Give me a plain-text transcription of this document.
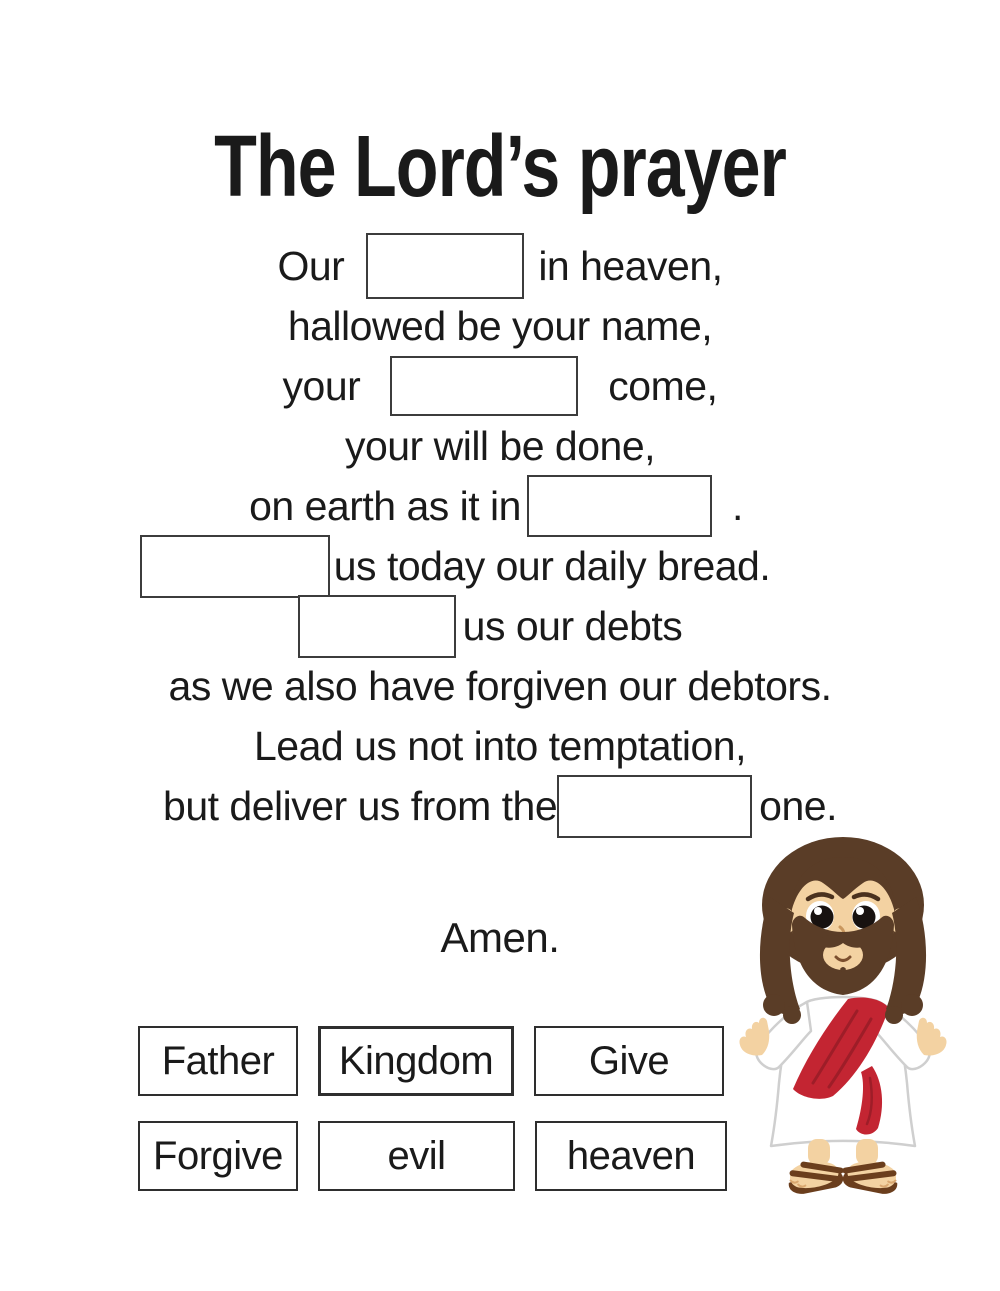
The Lord’s prayer
Our	in heaven,
hallowed be your name,
your	come,
your will be done,
on earth as it in	.
us today our daily bread.
us our debts
as we also have forgiven our debtors.
Lead us not into temptation,
but deliver us from the	one.
Amen.
Father	Kingdom	Give
Forgive	evil	heaven
